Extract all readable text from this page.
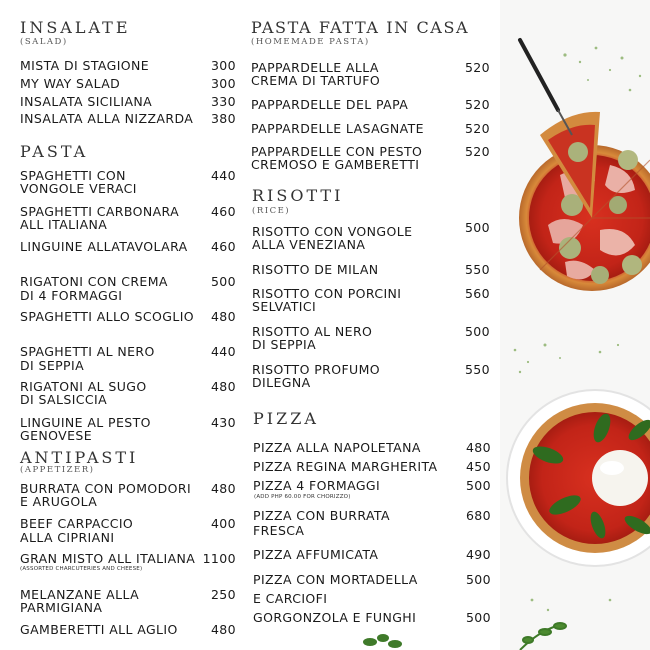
INSALATE
(SALAD)
MISTA DI STAGIONE	300
MY WAY SALAD	300
INSALATA SICILIANA	330
INSALATA ALLA NIZZARDA	380
PASTA
SPAGHETTI CON
VONGOLE VERACI
440
SPAGHETTI CARBONARA
ALL ITALIANA
460
LINGUINE ALLATAVOLARA	460
RIGATONI CON CREMA
DI 4 FORMAGGI
500
SPAGHETTI ALLO SCOGLIO	480
SPAGHETTI AL NERO
DI SEPPIA
440
RIGATONI AL SUGO
DI SALSICCIA
480
LINGUINE AL PESTO
GENOVESE
430
ANTIPASTI
(APPETIZER)
BURRATA CON POMODORI
E ARUGOLA
480
BEEF CARPACCIO
ALLA CIPRIANI
400
GRAN MISTO ALL ITALIANA
(ASSORTED CHARCUTERIES AND CHEESE)
1100
MELANZANE ALLA
PARMIGIANA
250
GAMBERETTI ALL AGLIO	480
PASTA FATTA IN CASA
(HOMEMADE PASTA)
PAPPARDELLE ALLA
CREMA DI TARTUFO
520
PAPPARDELLE DEL PAPA	520
PAPPARDELLE LASAGNATE	520
PAPPARDELLE CON PESTO
CREMOSO E GAMBERETTI
520
RISOTTI
(RICE)
RISOTTO CON VONGOLE
ALLA VENEZIANA
500
RISOTTO DE MILAN	550
RISOTTO CON PORCINI
SELVATICI
560
RISOTTO AL NERO
DI SEPPIA
500
RISOTTO PROFUMO
DILEGNA
550
PIZZA
PIZZA ALLA NAPOLETANA	480
PIZZA REGINA MARGHERITA	450
PIZZA 4 FORMAGGI
(ADD PHP 60.00 FOR CHORIZZO)
500
PIZZA CON BURRATA
FRESCA
680
PIZZA AFFUMICATA	490
PIZZA CON MORTADELLA
E CARCIOFI
500
GORGONZOLA E FUNGHI	500
